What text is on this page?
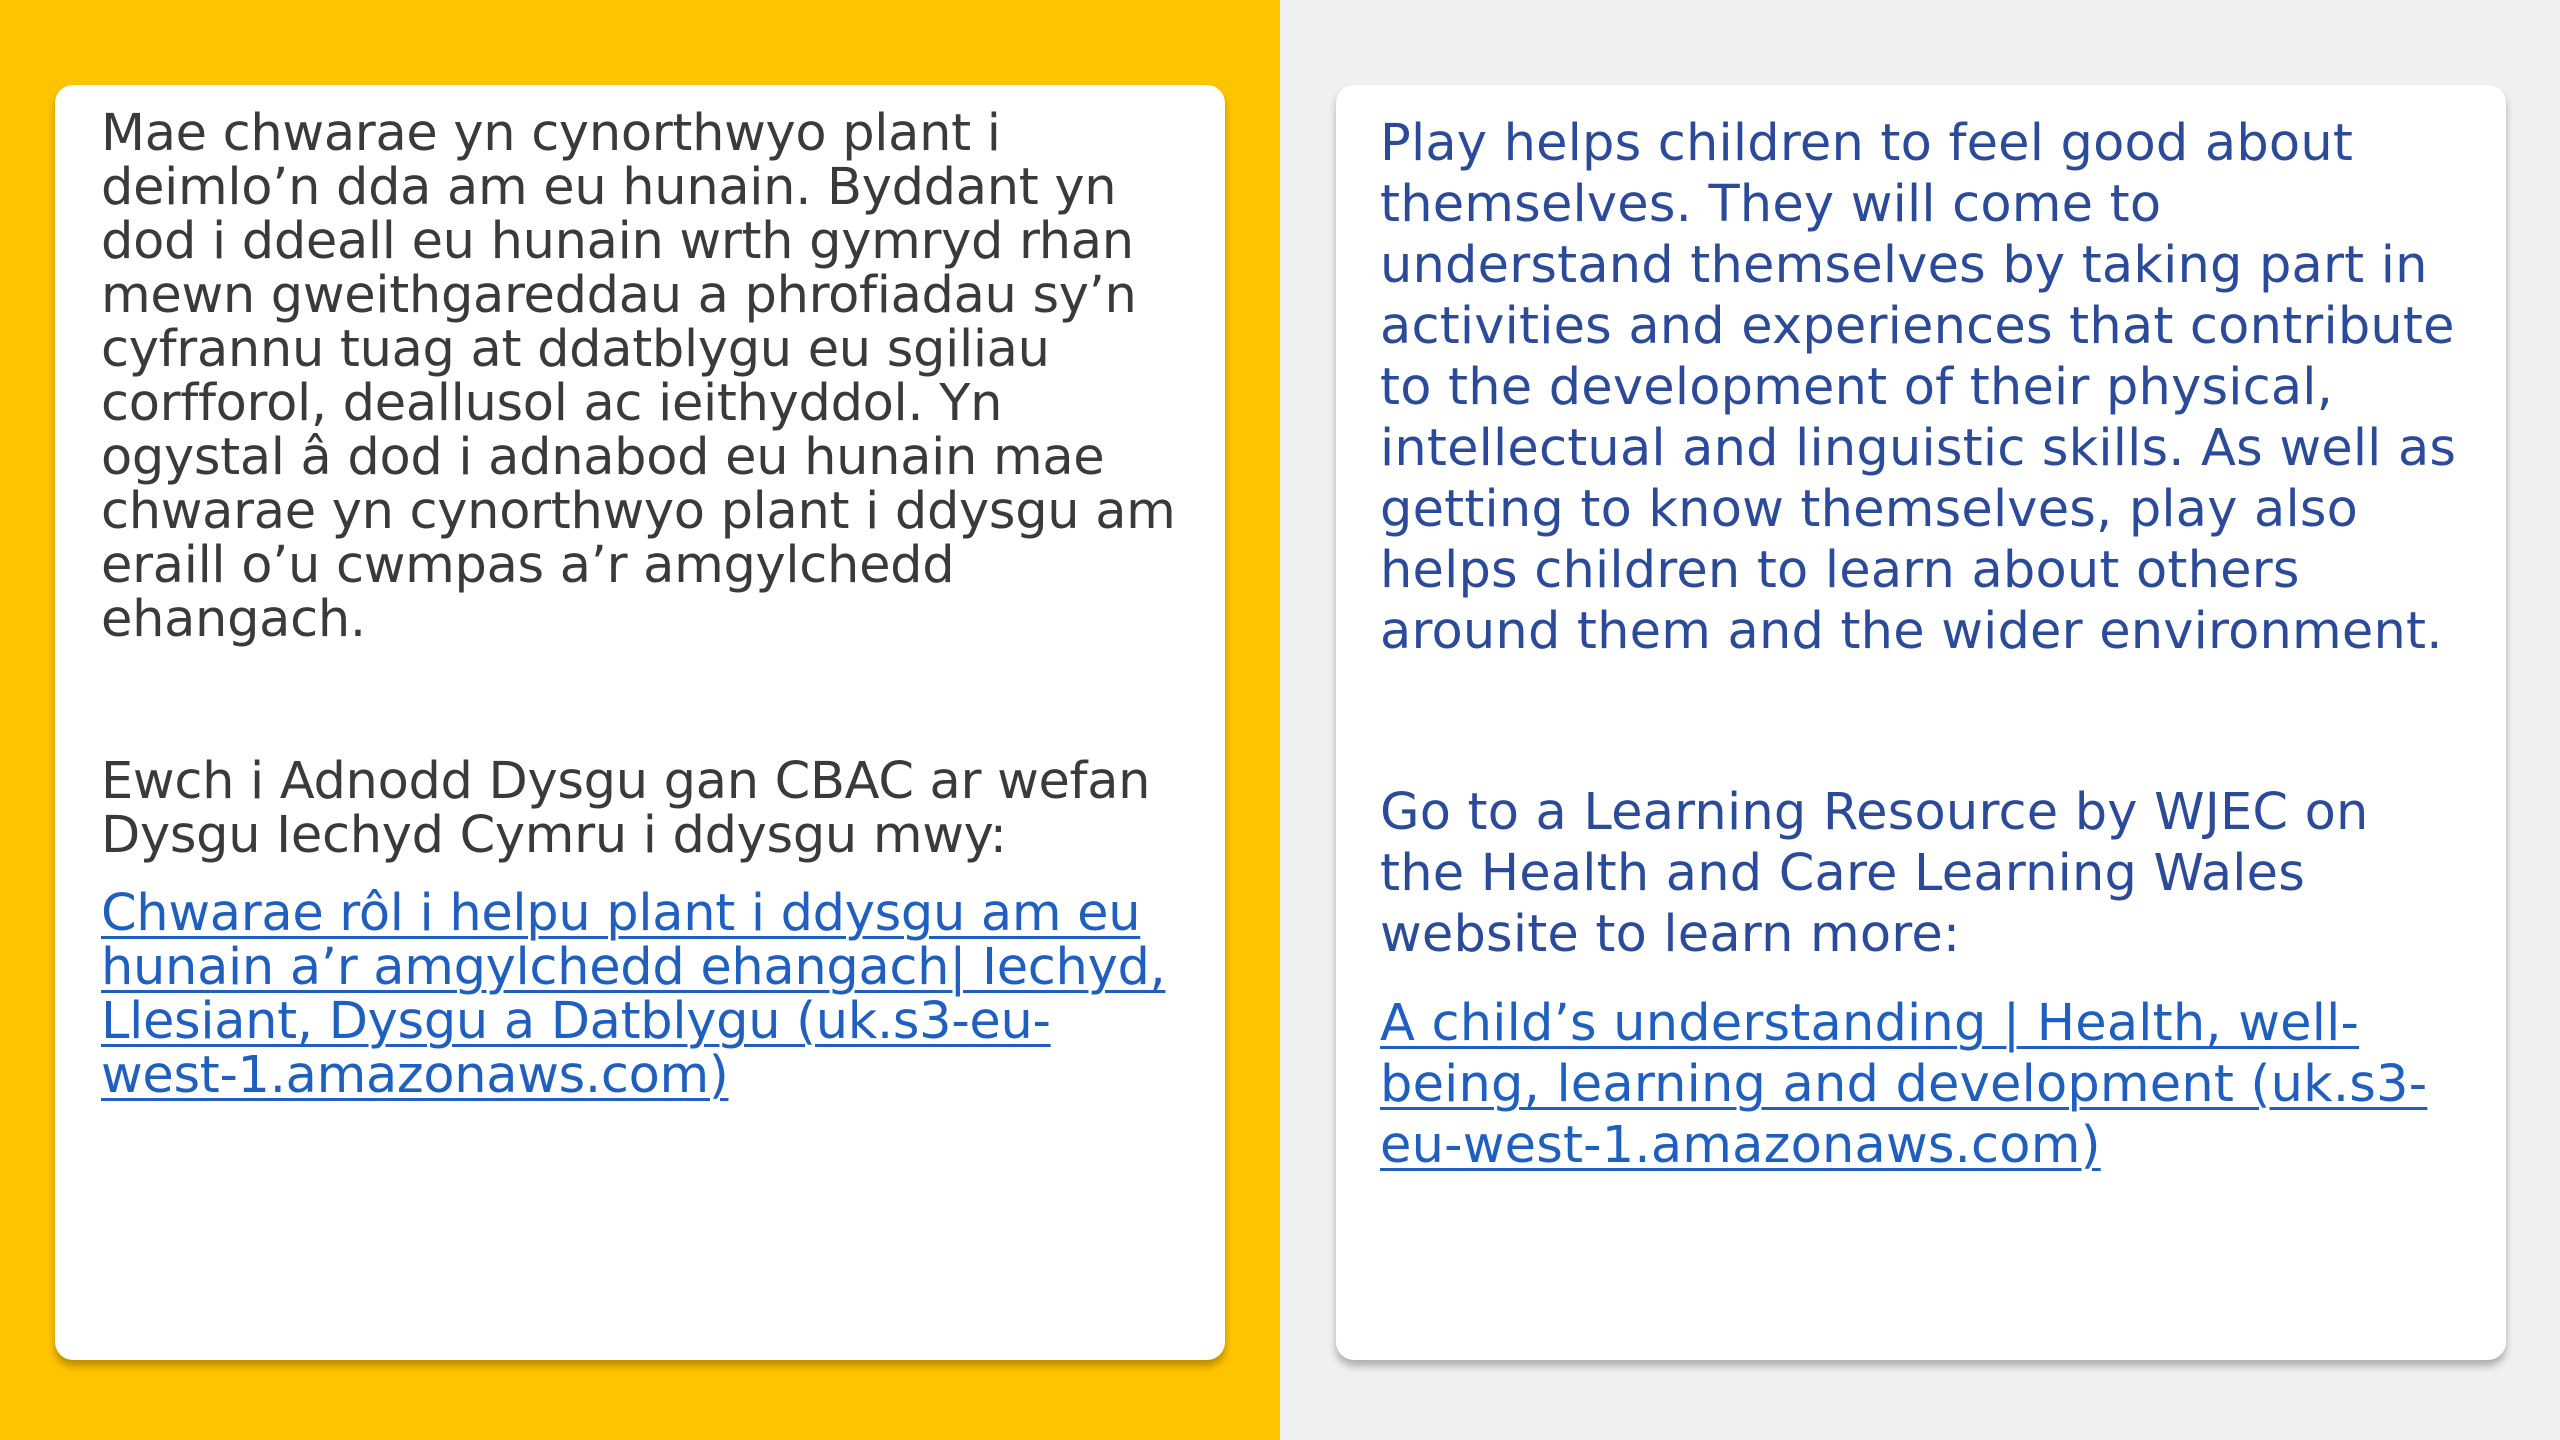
Mae chwarae yn cynorthwyo plant i deimlo’n dda am eu hunain. Byddant yn dod i ddeall eu hunain wrth gymryd rhan mewn gweithgareddau a phrofiadau sy’n cyfrannu tuag at ddatblygu eu sgiliau corfforol, deallusol ac ieithyddol. Yn ogystal â dod i adnabod eu hunain mae chwarae yn cynorthwyo plant i ddysgu am eraill o’u cwmpas a’r amgylchedd ehangach.

Ewch i Adnodd Dysgu gan CBAC ar wefan Dysgu Iechyd Cymru i ddysgu mwy:

Chwarae rôl i helpu plant i ddysgu am eu hunain a’r amgylchedd ehangach| Iechyd, Llesiant, Dysgu a Datblygu (uk.s3-eu-west-1.amazonaws.com)

Play helps children to feel good about themselves. They will come to understand themselves by taking part in activities and experiences that contribute to the development of their physical, intellectual and linguistic skills. As well as getting to know themselves, play also helps children to learn about others around them and the wider environment.

Go to a Learning Resource by WJEC on the Health and Care Learning Wales website to learn more:

A child’s understanding | Health, well-being, learning and development (uk.s3-eu-west-1.amazonaws.com)
